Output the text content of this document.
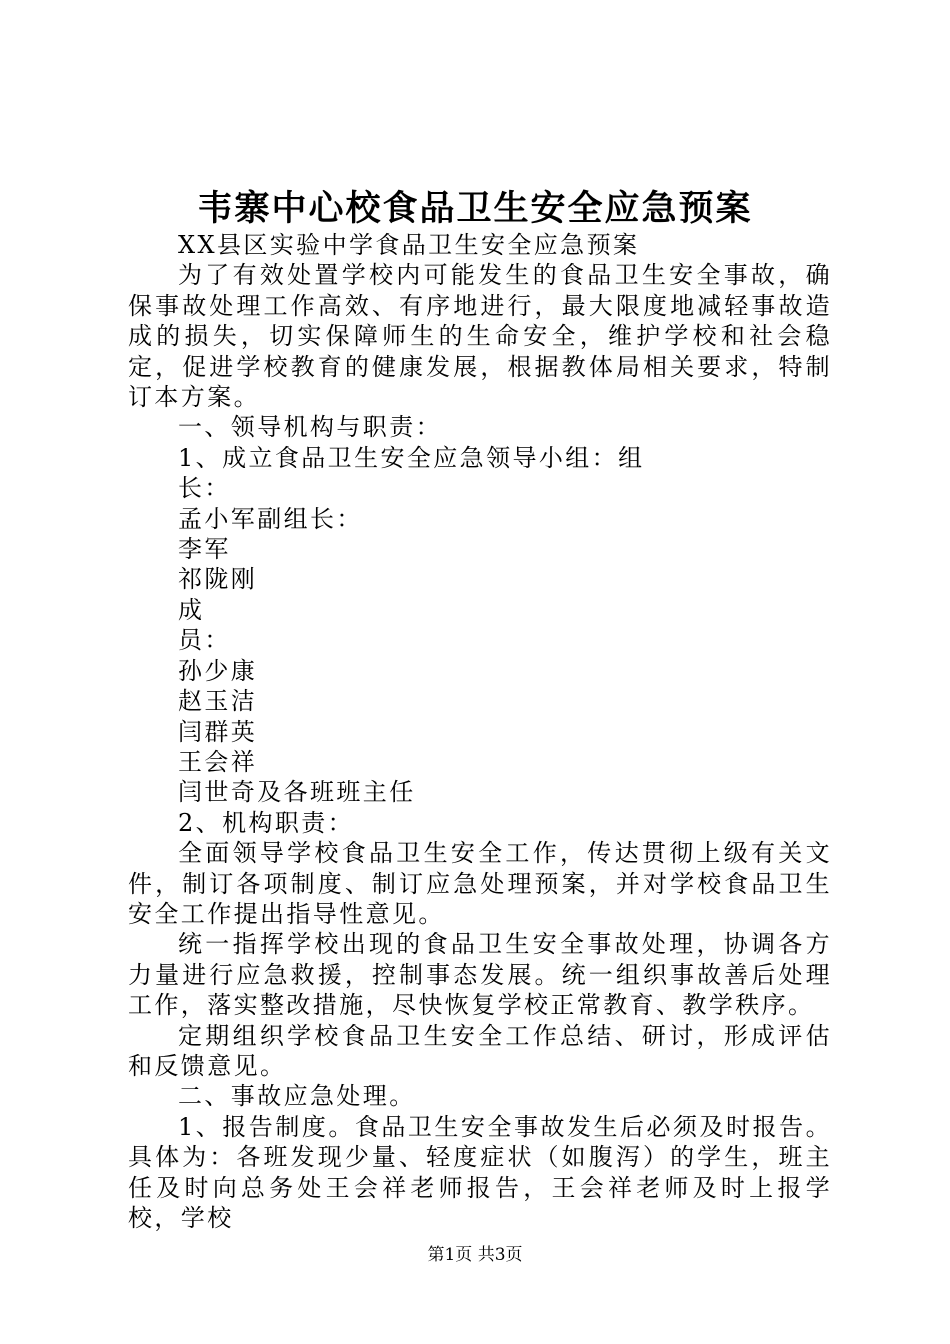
韦寨中心校食品卫生安全应急预案

XX县区实验中学食品卫生安全应急预案

为了有效处置学校内可能发生的食品卫生安全事故，确保事故处理工作高效、有序地进行，最大限度地减轻事故造成的损失，切实保障师生的生命安全，维护学校和社会稳定，促进学校教育的健康发展，根据教体局相关要求，特制订本方案。

一、领导机构与职责：

1、成立食品卫生安全应急领导小组：组

长：

孟小军副组长：

李军

祁陇刚

成

员：

孙少康

赵玉洁

闫群英

王会祥

闫世奇及各班班主任

2、机构职责：

全面领导学校食品卫生安全工作，传达贯彻上级有关文件，制订各项制度、制订应急处理预案，并对学校食品卫生安全工作提出指导性意见。

统一指挥学校出现的食品卫生安全事故处理，协调各方力量进行应急救援，控制事态发展。统一组织事故善后处理工作，落实整改措施，尽快恢复学校正常教育、教学秩序。

定期组织学校食品卫生安全工作总结、研讨，形成评估和反馈意见。

二、事故应急处理。

1、报告制度。食品卫生安全事故发生后必须及时报告。具体为：各班发现少量、轻度症状（如腹泻）的学生，班主任及时向总务处王会祥老师报告，王会祥老师及时上报学校，学校

第1页 共3页
